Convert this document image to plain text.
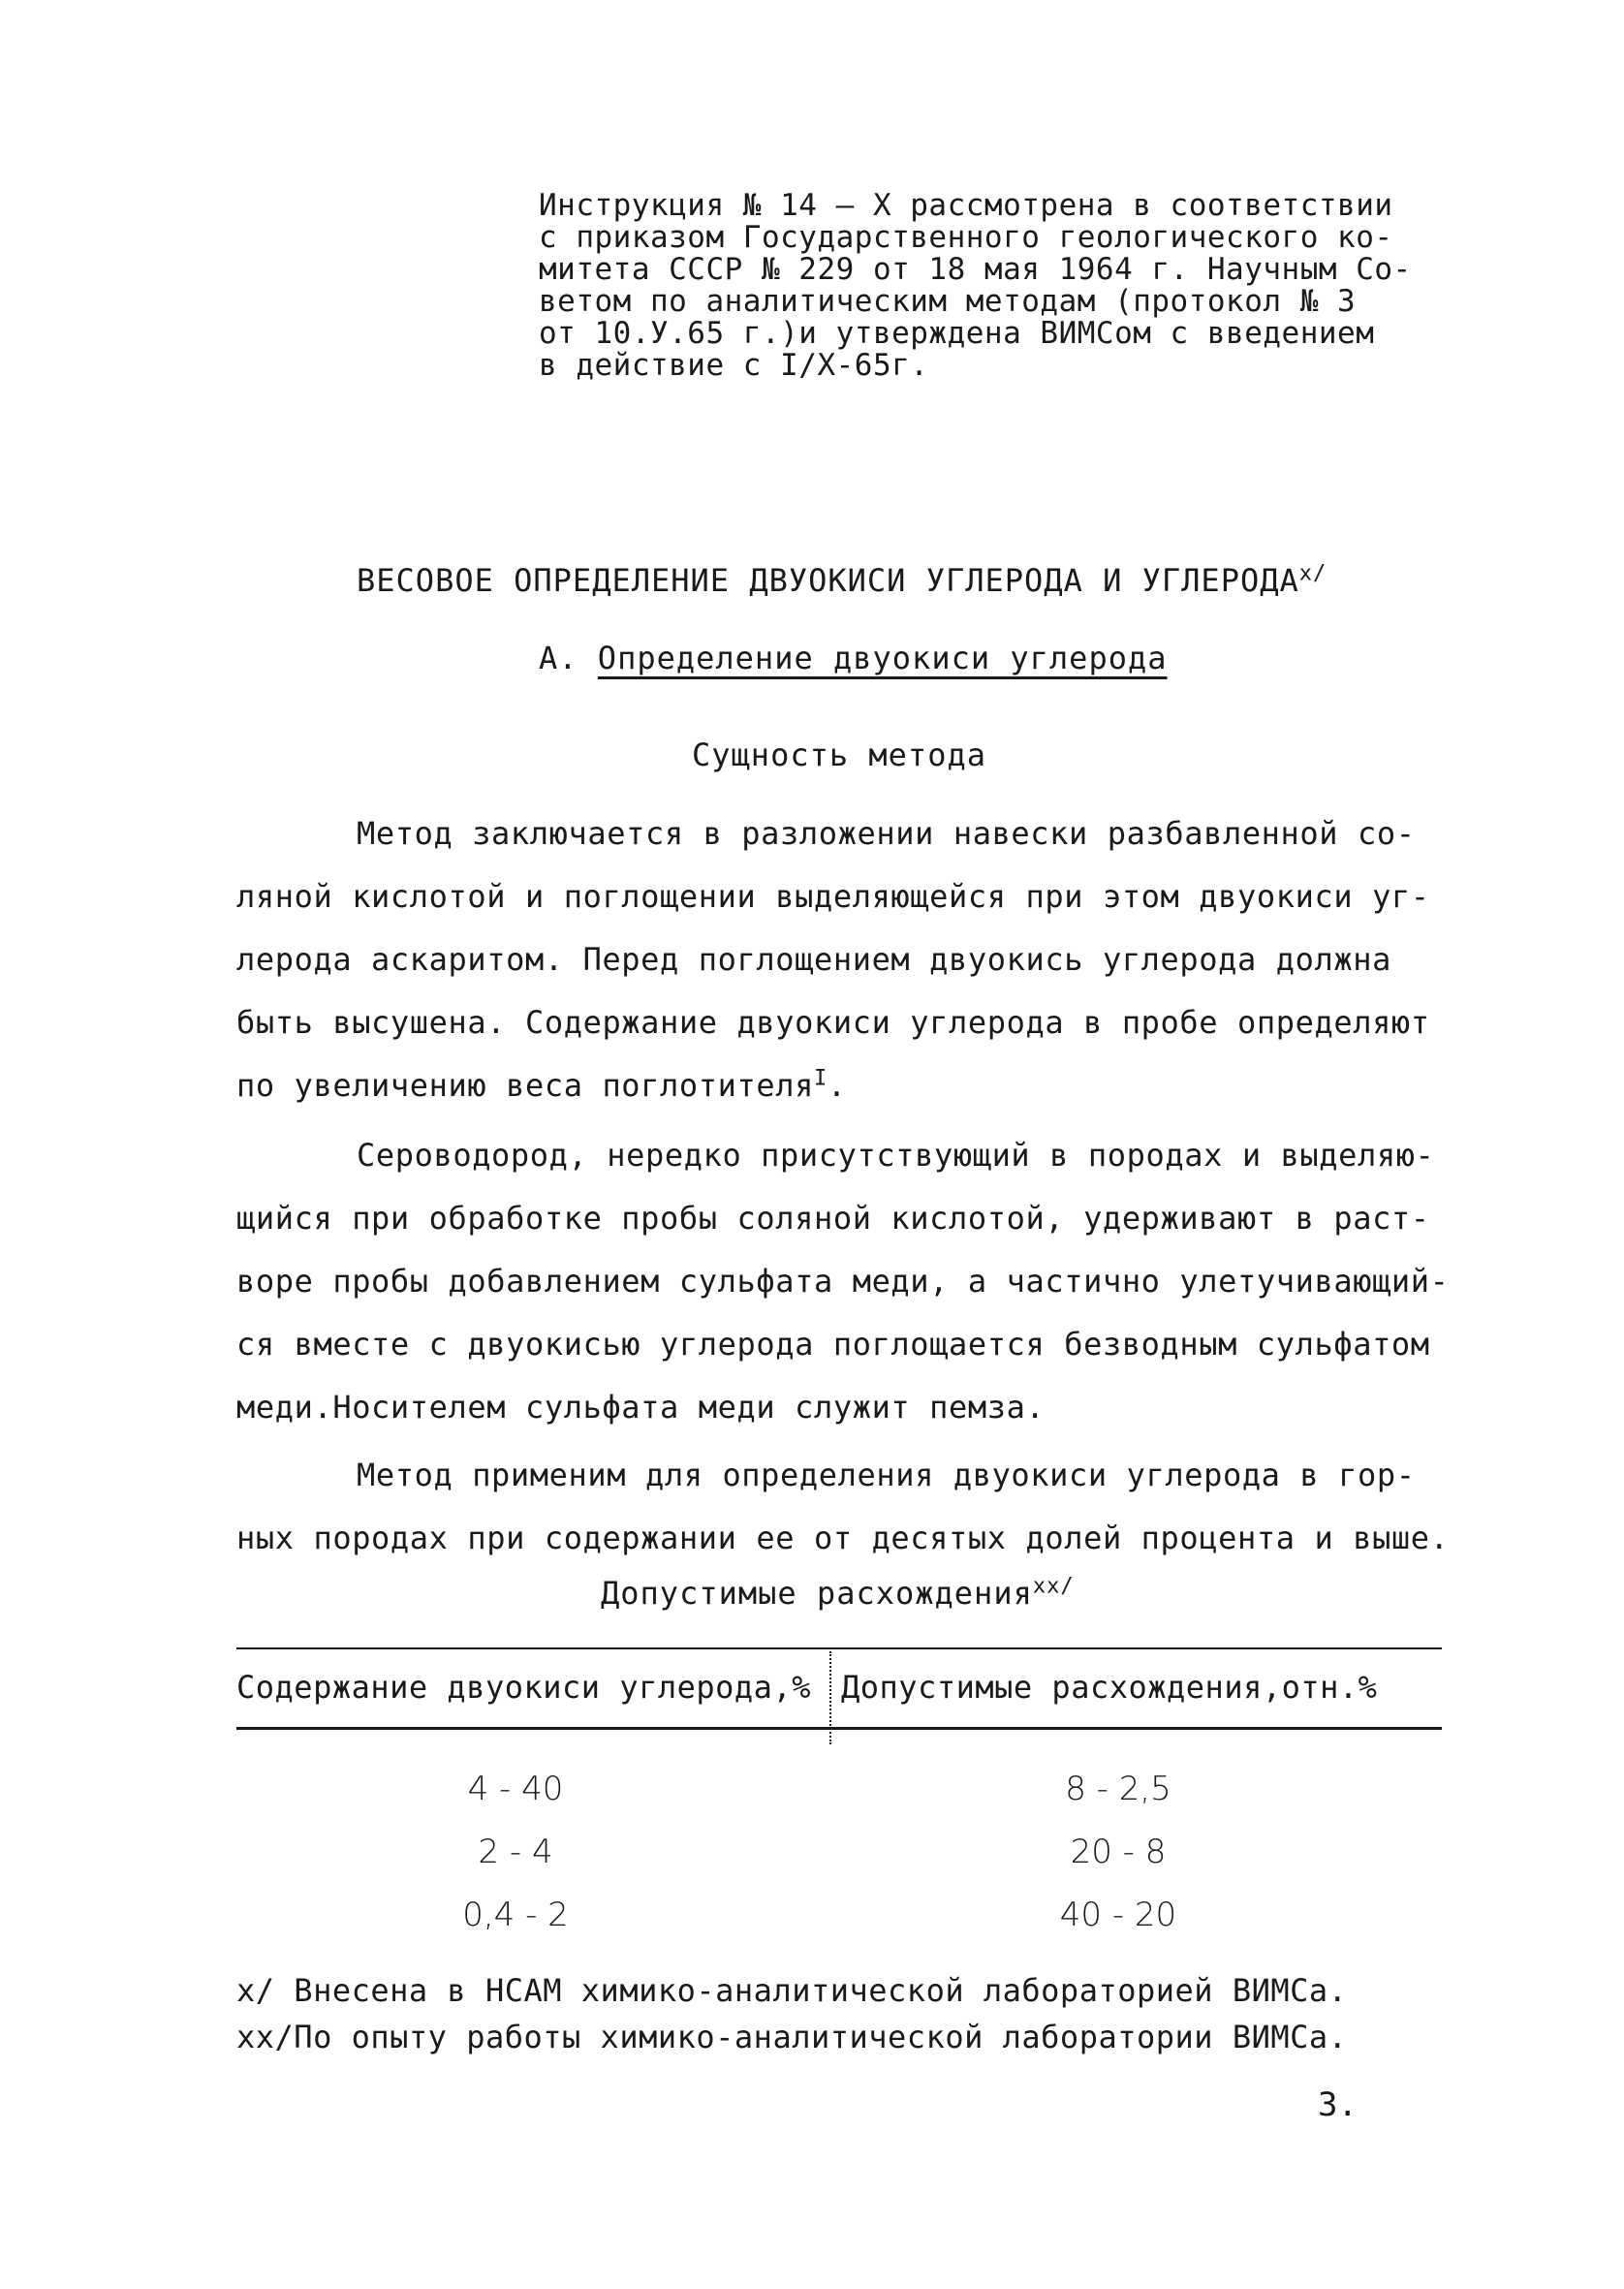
Инструкция № 14 – X рассмотрена в соответствии
с приказом Государственного геологического ко-
митета СССР № 229 от 18 мая 1964 г. Научным Со-
ветом по аналитическим методам (протокол № 3
от 10.У.65 г.)и утверждена ВИМСом с введением
в действие с I/X-65г.
ВЕСОВОЕ ОПРЕДЕЛЕНИЕ ДВУОКИСИ УГЛЕРОДА И $УГЛЕРОДА^{x/}$
А. Определение двуокиси углерода
Сущность метода
Метод заключается в разложении навески разбавленной со-
ляной кислотой и поглощении выделяющейся при этом двуокиси уг-
лерода аскаритом. Перед поглощением двуокись углерода должна
быть высушена. Содержание двуокиси углерода в пробе определяют
по увеличению веса поглотителя$^I$.
Сероводород, нередко присутствующий в породах и выделяю-
щийся при обработке пробы соляной кислотой, удерживают в раст-
воре пробы добавлением сульфата меди, а частично улетучивающий-
ся вместе с двуокисью углерода поглощается безводным сульфатом
меди.Носителем сульфата меди служит пемза.
Метод применим для определения двуокиси углерода в гор-
ных породах при содержании ее от десятых долей процента и выше.
Допустимые расхождения$^{xx/}$
Содержание двуокиси углерода,% Допустимые расхождения,отн.%
4 - 40	8 - 2,5
2 - 4	20 - 8
0,4 - 2	40 - 20
x/ Внесена в НСАМ химико-аналитической лабораторией ВИМСа.
xx/По опыту работы химико-аналитической лаборатории ВИМСа.
3.
